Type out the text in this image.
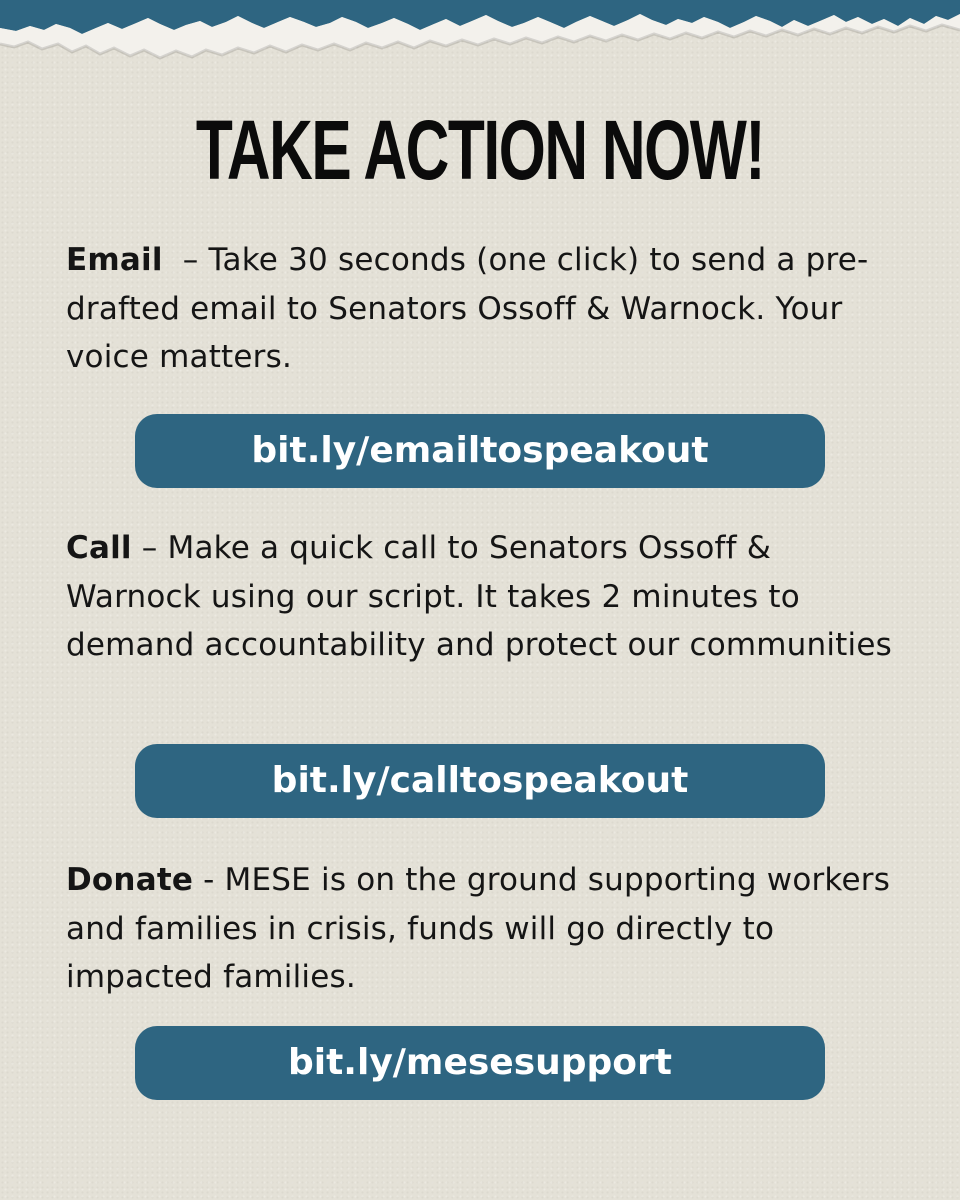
TAKE ACTION NOW!

Email  – Take 30 seconds (one click) to send a pre-drafted email to Senators Ossoff & Warnock. Your voice matters.

bit.ly/emailtospeakout

Call – Make a quick call to Senators Ossoff & Warnock using our script. It takes 2 minutes to demand accountability and protect our communities

bit.ly/calltospeakout

Donate - MESE is on the ground supporting workers and families in crisis, funds will go directly to impacted families.

bit.ly/mesesupport
